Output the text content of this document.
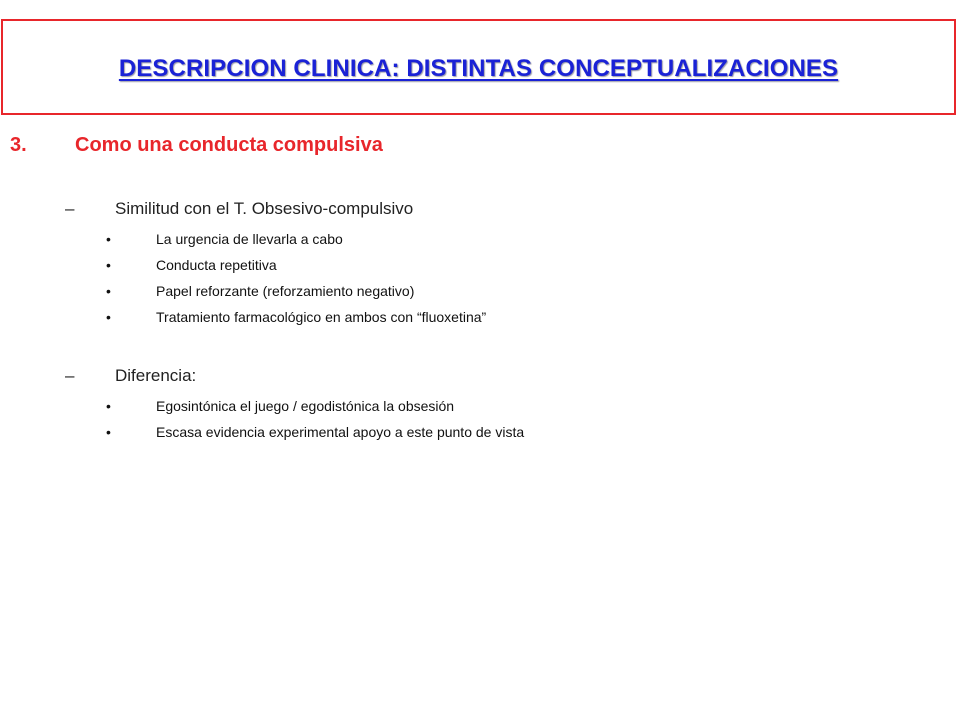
DESCRIPCION CLINICA: DISTINTAS CONCEPTUALIZACIONES
3.	Como una conducta compulsiva
–	Similitud con el T. Obsesivo-compulsivo
•	La urgencia de llevarla a cabo
•	Conducta repetitiva
•	Papel reforzante (reforzamiento negativo)
•	Tratamiento farmacológico en ambos con “fluoxetina”
–	Diferencia:
•	Egosintónica el juego / egodistónica la obsesión
•	Escasa evidencia experimental apoyo a este punto de vista
